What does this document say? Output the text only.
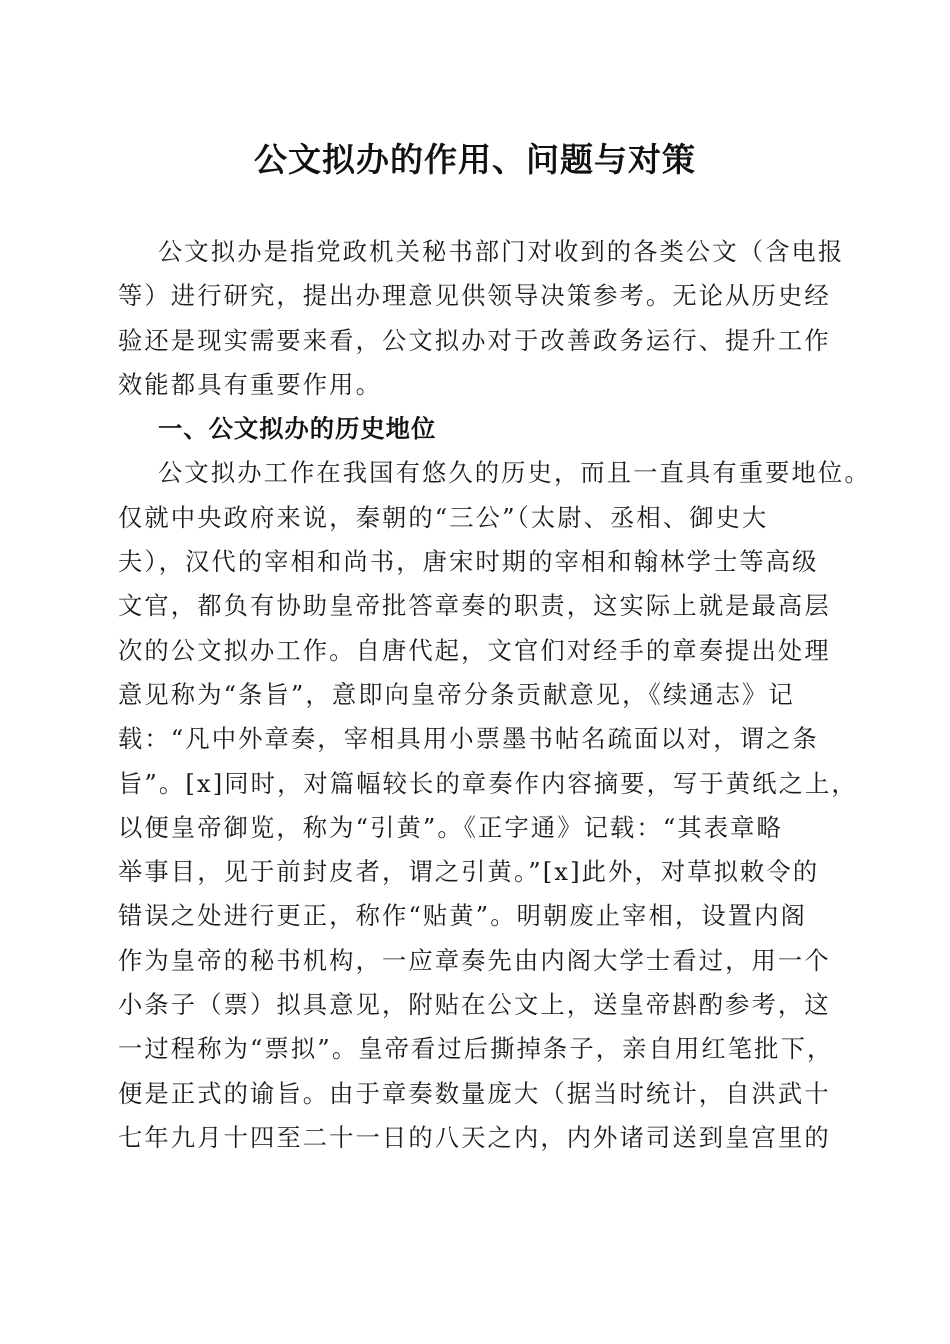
公文拟办的作用、问题与对策
公文拟办是指党政机关秘书部门对收到的各类公文（含电报
等）进行研究，提出办理意见供领导决策参考。无论从历史经
验还是现实需要来看，公文拟办对于改善政务运行、提升工作
效能都具有重要作用。
一、公文拟办的历史地位
公文拟办工作在我国有悠久的历史，而且一直具有重要地位。
仅就中央政府来说，秦朝的“三公”（太尉、丞相、御史大
夫），汉代的宰相和尚书，唐宋时期的宰相和翰林学士等高级
文官，都负有协助皇帝批答章奏的职责，这实际上就是最高层
次的公文拟办工作。自唐代起，文官们对经手的章奏提出处理
意见称为“条旨”，意即向皇帝分条贡献意见，《续通志》记
载：“凡中外章奏，宰相具用小票墨书帖名疏面以对，谓之条
旨”。[x]同时，对篇幅较长的章奏作内容摘要，写于黄纸之上，
以便皇帝御览，称为“引黄”。《正字通》记载：“其表章略
举事目，见于前封皮者，谓之引黄。”[x]此外，对草拟敕令的
错误之处进行更正，称作“贴黄”。明朝废止宰相，设置内阁
作为皇帝的秘书机构，一应章奏先由内阁大学士看过，用一个
小条子（票）拟具意见，附贴在公文上，送皇帝斟酌参考，这
一过程称为“票拟”。皇帝看过后撕掉条子，亲自用红笔批下，
便是正式的谕旨。由于章奏数量庞大（据当时统计，自洪武十
七年九月十四至二十一日的八天之内，内外诸司送到皇宫里的
